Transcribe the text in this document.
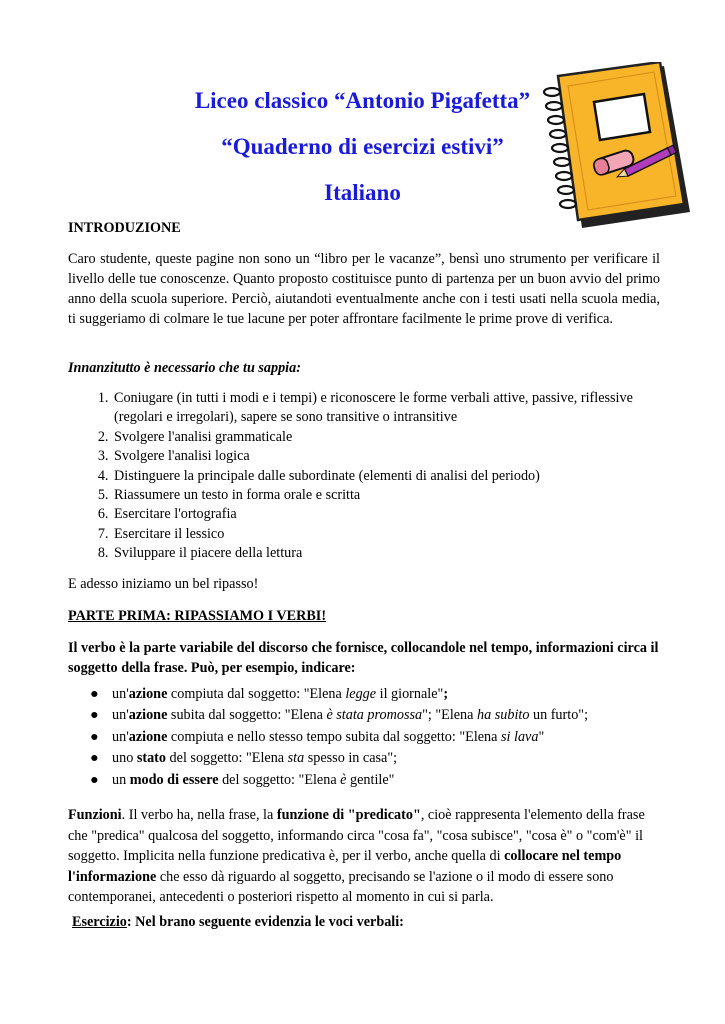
Liceo classico “Antonio Pigafetta”
“Quaderno di esercizi estivi”
Italiano
INTRODUZIONE

Caro studente, queste pagine non sono un “libro per le vacanze”, bensì uno strumento per verificare il livello delle tue conoscenze. Quanto proposto costituisce punto di partenza per un buon avvio del primo anno della scuola superiore. Perciò, aiutandoti eventualmente anche con i testi usati nella scuola media, ti suggeriamo di colmare le tue lacune per poter affrontare facilmente le prime prove di verifica.

Innanzitutto è necessario che tu sappia:
1. Coniugare (in tutti i modi e i tempi) e riconoscere le forme verbali attive, passive, riflessive (regolari e irregolari), sapere se sono transitive o intransitive
2. Svolgere l'analisi grammaticale
3. Svolgere l'analisi logica
4. Distinguere la principale dalle subordinate (elementi di analisi del periodo)
5. Riassumere un testo in forma orale e scritta
6. Esercitare l'ortografia
7. Esercitare il lessico
8. Sviluppare il piacere della lettura
E adesso iniziamo un bel ripasso!
PARTE PRIMA: RIPASSIAMO I VERBI!

Il verbo è la parte variabile del discorso che fornisce, collocandole nel tempo, informazioni circa il soggetto della frase. Può, per esempio, indicare:

● un'azione compiuta dal soggetto: "Elena legge il giornale";
● un'azione subita dal soggetto: "Elena è stata promossa"; "Elena ha subito un furto";
● un'azione compiuta e nello stesso tempo subita dal soggetto: "Elena si lava"
● uno stato del soggetto: "Elena sta spesso in casa";
● un modo di essere del soggetto: "Elena è gentile"

Funzioni. Il verbo ha, nella frase, la funzione di "predicato", cioè rappresenta l'elemento della frase che "predica" qualcosa del soggetto, informando circa "cosa fa", "cosa subisce", "cosa è" o "com'è" il soggetto. Implicita nella funzione predicativa è, per il verbo, anche quella di collocare nel tempo l'informazione che esso dà riguardo al soggetto, precisando se l'azione o il modo di essere sono contemporanei, antecedenti o posteriori rispetto al momento in cui si parla.

Esercizio: Nel brano seguente evidenzia le voci verbali:
